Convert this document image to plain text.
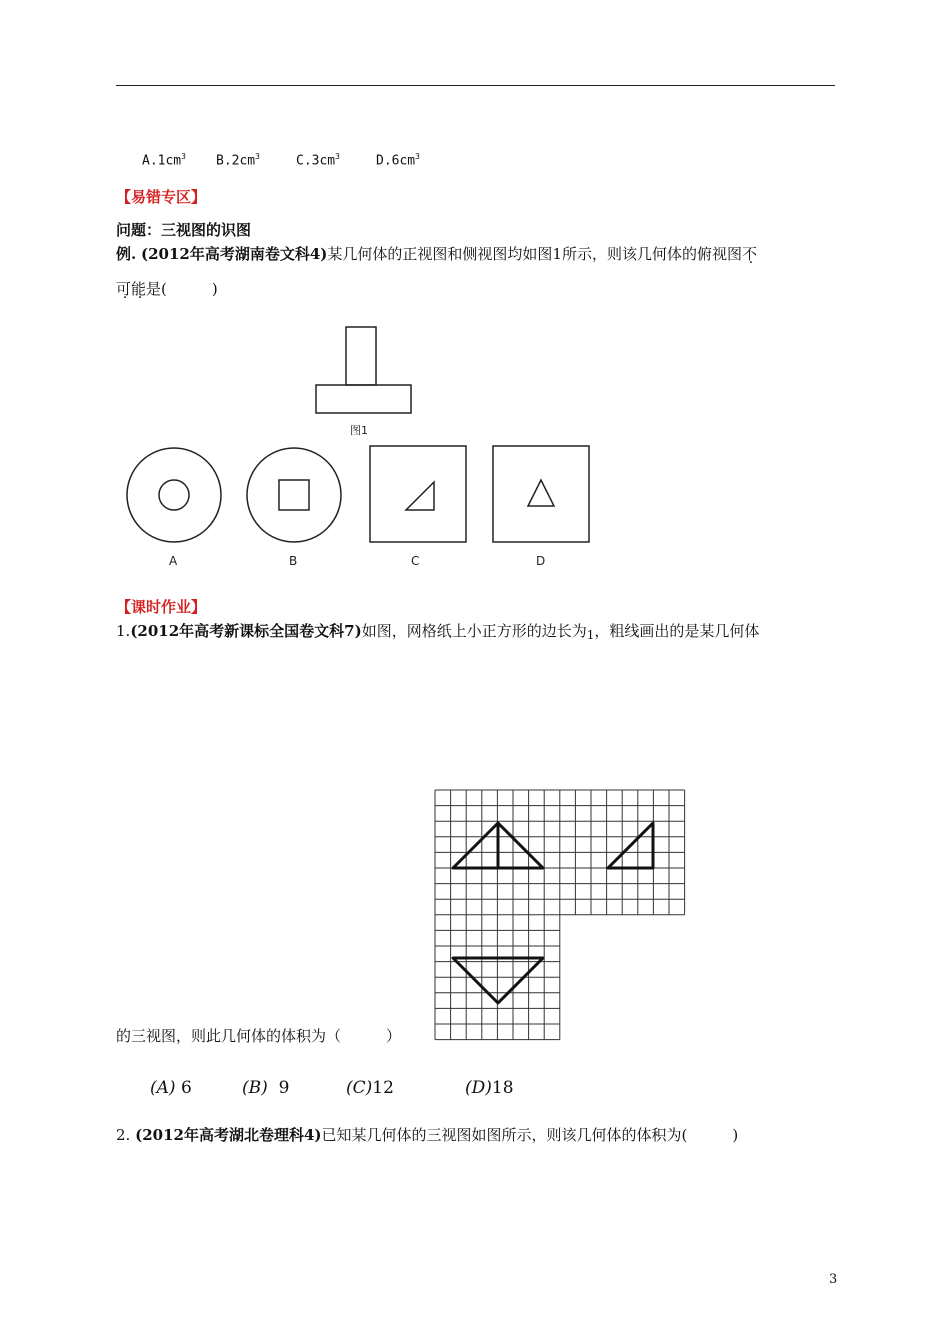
$A.1cm^3$ $B.2cm^3$	$C.3cm^3$	$D.6cm^3$
【易错专区】
问题：三视图的识图
例. (2012年高考湖南卷文科4)某几何体的正视图和侧视图均如图1所示，则该几何体的俯视图不
可能是(　　　)
图1
A	B	C	D
【课时作业】
1.(2012年高考新课标全国卷文科7)如图，网格纸上小正方形的边长为$_1$，粗线画出的是某几何体
的三视图，则此几何体的体积为（　　　）
(A) 6	(B) 9	(C)12	(D)18
2. (2012年高考湖北卷理科4)已知某几何体的三视图如图所示，则该几何体的体积为(　　　)
3
